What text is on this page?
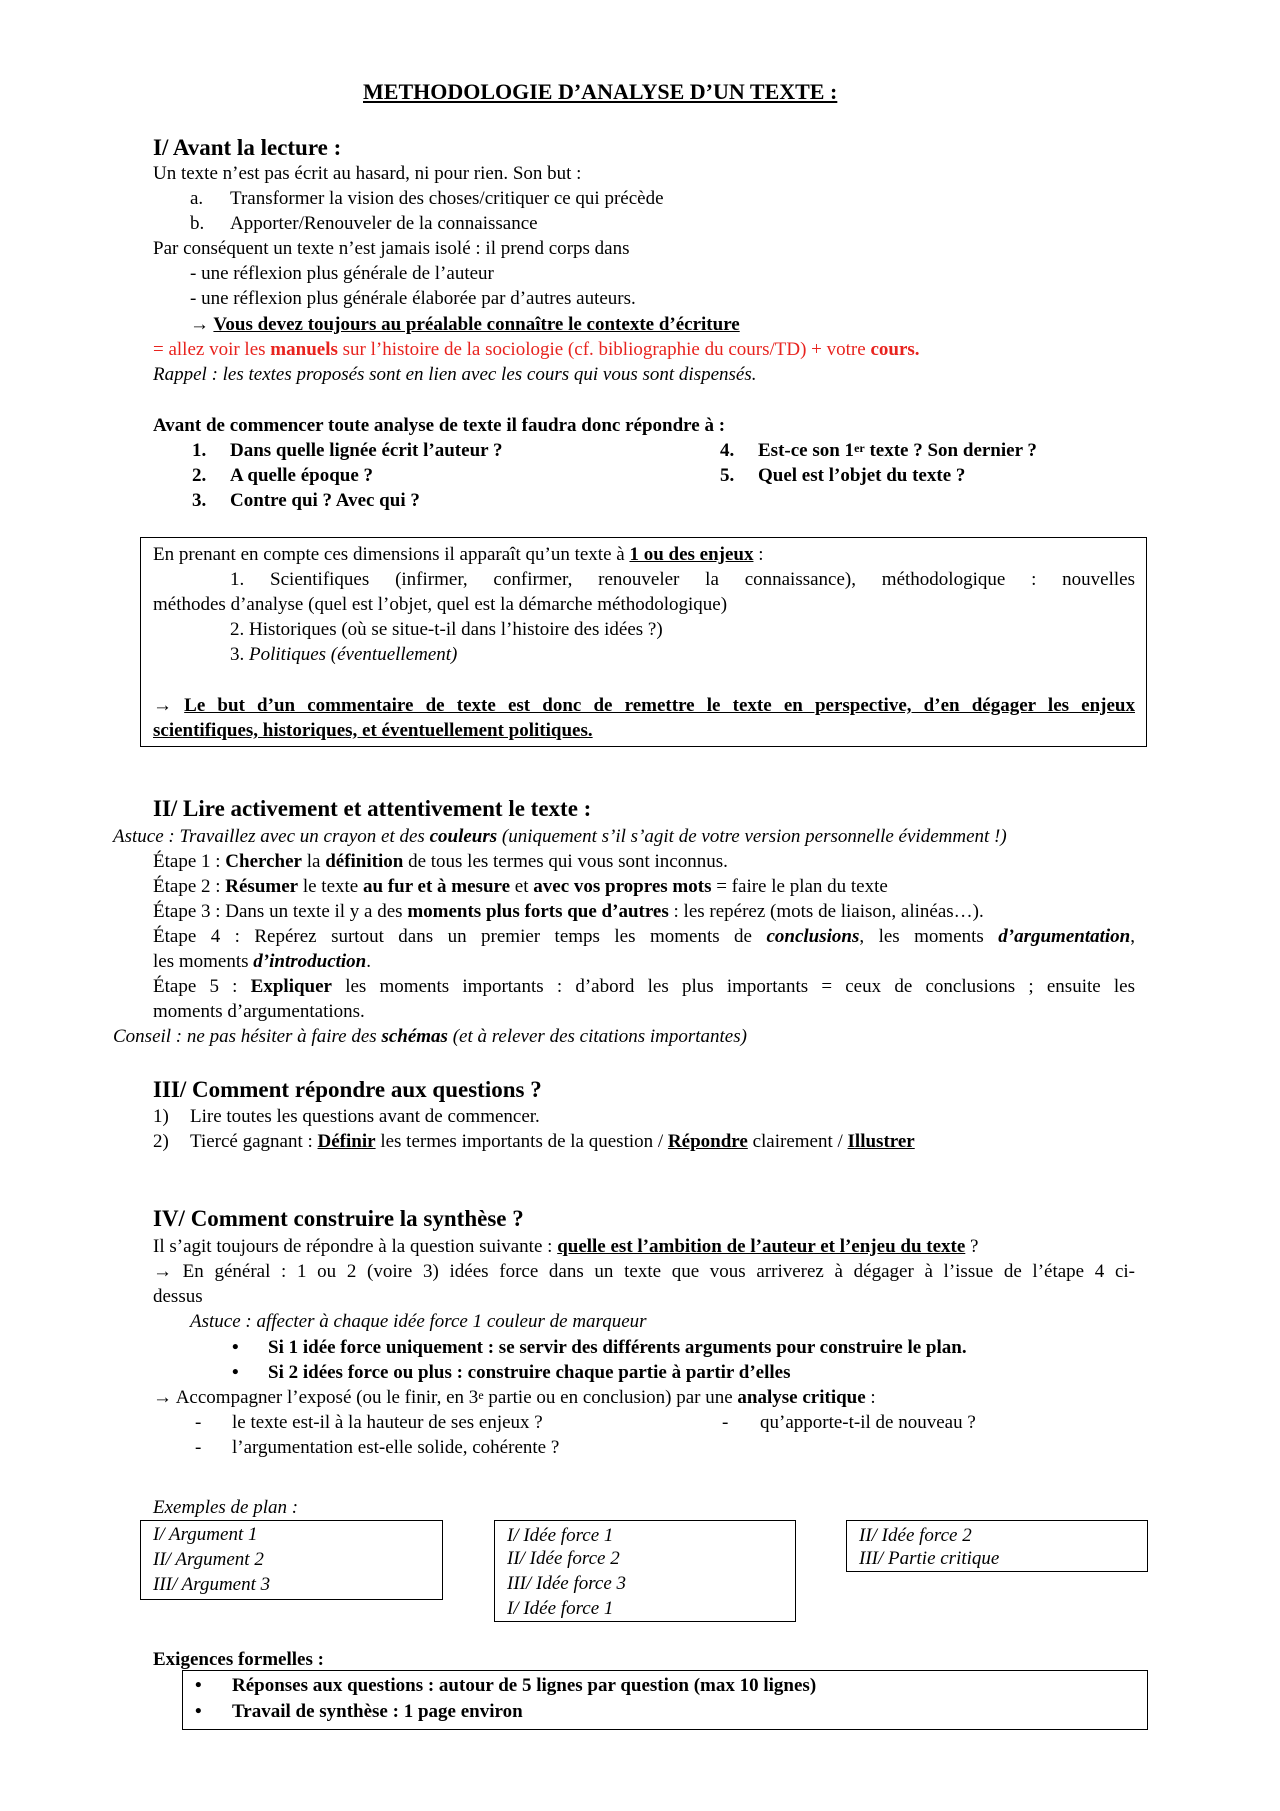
METHODOLOGIE D’ANALYSE D’UN TEXTE :
I/ Avant la lecture :
Un texte n’est pas écrit au hasard, ni pour rien. Son but :
a. Transformer la vision des choses/critiquer ce qui précède
b. Apporter/Renouveler de la connaissance
Par conséquent un texte n’est jamais isolé : il prend corps dans
- une réflexion plus générale de l’auteur
- une réflexion plus générale élaborée par d’autres auteurs.
→ Vous devez toujours au préalable connaître le contexte d’écriture
= allez voir les manuels sur l’histoire de la sociologie (cf. bibliographie du cours/TD) + votre cours.
Rappel : les textes proposés sont en lien avec les cours qui vous sont dispensés.
Avant de commencer toute analyse de texte il faudra donc répondre à :
1. Dans quelle lignée écrit l’auteur ?
2. A quelle époque ?
3. Contre qui ? Avec qui ?
4. Est-ce son 1er texte ? Son dernier ?
5. Quel est l’objet du texte ?
En prenant en compte ces dimensions il apparaît qu’un texte à 1 ou des enjeux :
1. Scientifiques (infirmer, confirmer, renouveler la connaissance), méthodologique : nouvelles
méthodes d’analyse (quel est l’objet, quel est la démarche méthodologique)
2. Historiques (où se situe-t-il dans l’histoire des idées ?)
3. Politiques (éventuellement)
→ Le but d’un commentaire de texte est donc de remettre le texte en perspective, d’en dégager les enjeux
scientifiques, historiques, et éventuellement politiques.
II/ Lire activement et attentivement le texte :
Astuce : Travaillez avec un crayon et des couleurs (uniquement s’il s’agit de votre version personnelle évidemment !)
Étape 1 : Chercher la définition de tous les termes qui vous sont inconnus.
Étape 2 : Résumer le texte au fur et à mesure et avec vos propres mots = faire le plan du texte
Étape 3 : Dans un texte il y a des moments plus forts que d’autres : les repérez (mots de liaison, alinéas…).
Étape 4 : Repérez surtout dans un premier temps les moments de conclusions, les moments d’argumentation,
les moments d’introduction.
Étape 5 : Expliquer les moments importants : d’abord les plus importants = ceux de conclusions ; ensuite les
moments d’argumentations.
Conseil : ne pas hésiter à faire des schémas (et à relever des citations importantes)
III/ Comment répondre aux questions ?
1) Lire toutes les questions avant de commencer.
2) Tiercé gagnant : Définir les termes importants de la question / Répondre clairement / Illustrer
IV/ Comment construire la synthèse ?
Il s’agit toujours de répondre à la question suivante : quelle est l’ambition de l’auteur et l’enjeu du texte ?
→ En général : 1 ou 2 (voire 3) idées force dans un texte que vous arriverez à dégager à l’issue de l’étape 4 ci-
dessus
Astuce : affecter à chaque idée force 1 couleur de marqueur
• Si 1 idée force uniquement : se servir des différents arguments pour construire le plan.
• Si 2 idées force ou plus : construire chaque partie à partir d’elles
→ Accompagner l’exposé (ou le finir, en 3e partie ou en conclusion) par une analyse critique :
- le texte est-il à la hauteur de ses enjeux ?	- qu’apporte-t-il de nouveau ?
- l’argumentation est-elle solide, cohérente ?
Exemples de plan :
I/ Argument 1
II/ Argument 2
III/ Argument 3
I/ Idée force 1
II/ Idée force 2
III/ Idée force 3
I/ Idée force 1
II/ Idée force 2
III/ Partie critique
Exigences formelles :
• Réponses aux questions : autour de 5 lignes par question (max 10 lignes)
• Travail de synthèse : 1 page environ
